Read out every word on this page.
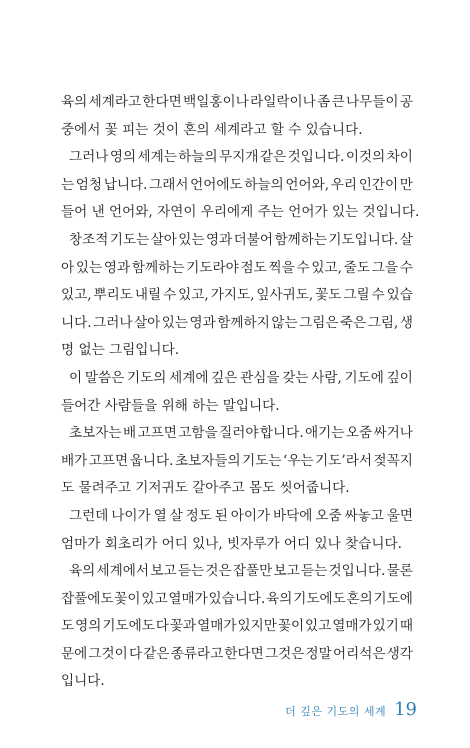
육의 세계라고 한다면 백일홍이나 라일락이나 좀 큰 나무들이 공
중에서 꽃 피는 것이 혼의 세계라고 할 수 있습니다.
그러나 영의 세계는 하늘의 무지개 같은 것입니다. 이것의 차이
는 엄청 납니다. 그래서 언어에도 하늘의 언어와, 우리 인간이 만
들어 낸 언어와, 자연이 우리에게 주는 언어가 있는 것입니다.
창조적 기도는 살아 있는 영과 더불어 함께하는 기도입니다. 살
아 있는 영과 함께하는 기도라야 점도 찍을 수 있고, 줄도 그을 수
있고, 뿌리도 내릴 수 있고, 가지도, 잎사귀도, 꽃도 그릴 수 있습
니다. 그러나 살아 있는 영과 함께하지 않는 그림은 죽은 그림, 생
명 없는 그림입니다.
이 말씀은 기도의 세계에 깊은 관심을 갖는 사람, 기도에 깊이
들어간 사람들을 위해 하는 말입니다.
초보자는 배 고프면 고함을 질러야 합니다. 애기는 오줌 싸거나
배가 고프면 웁니다. 초보자들의 기도는 ‘우는 기도’라서 젖꼭지
도 물려주고 기저귀도 갈아주고 몸도 씻어줍니다.
그런데 나이가 열 살 정도 된 아이가 바닥에 오줌 싸놓고 울면
엄마가 회초리가 어디 있나, 빗자루가 어디 있나 찾습니다.
육의 세계에서 보고 듣는 것은 잡풀만 보고 듣는 것입니다. 물론
잡풀에도 꽃이 있고 열매가 있습니다. 육의 기도에도 혼의 기도에
도 영의 기도에도 다 꽃과 열매가 있지만 꽃이 있고 열매가 있기 때
문에 그것이 다 같은 종류라고 한다면 그것은 정말 어리석은 생각
입니다.
더 깊은 기도의 세계 19
